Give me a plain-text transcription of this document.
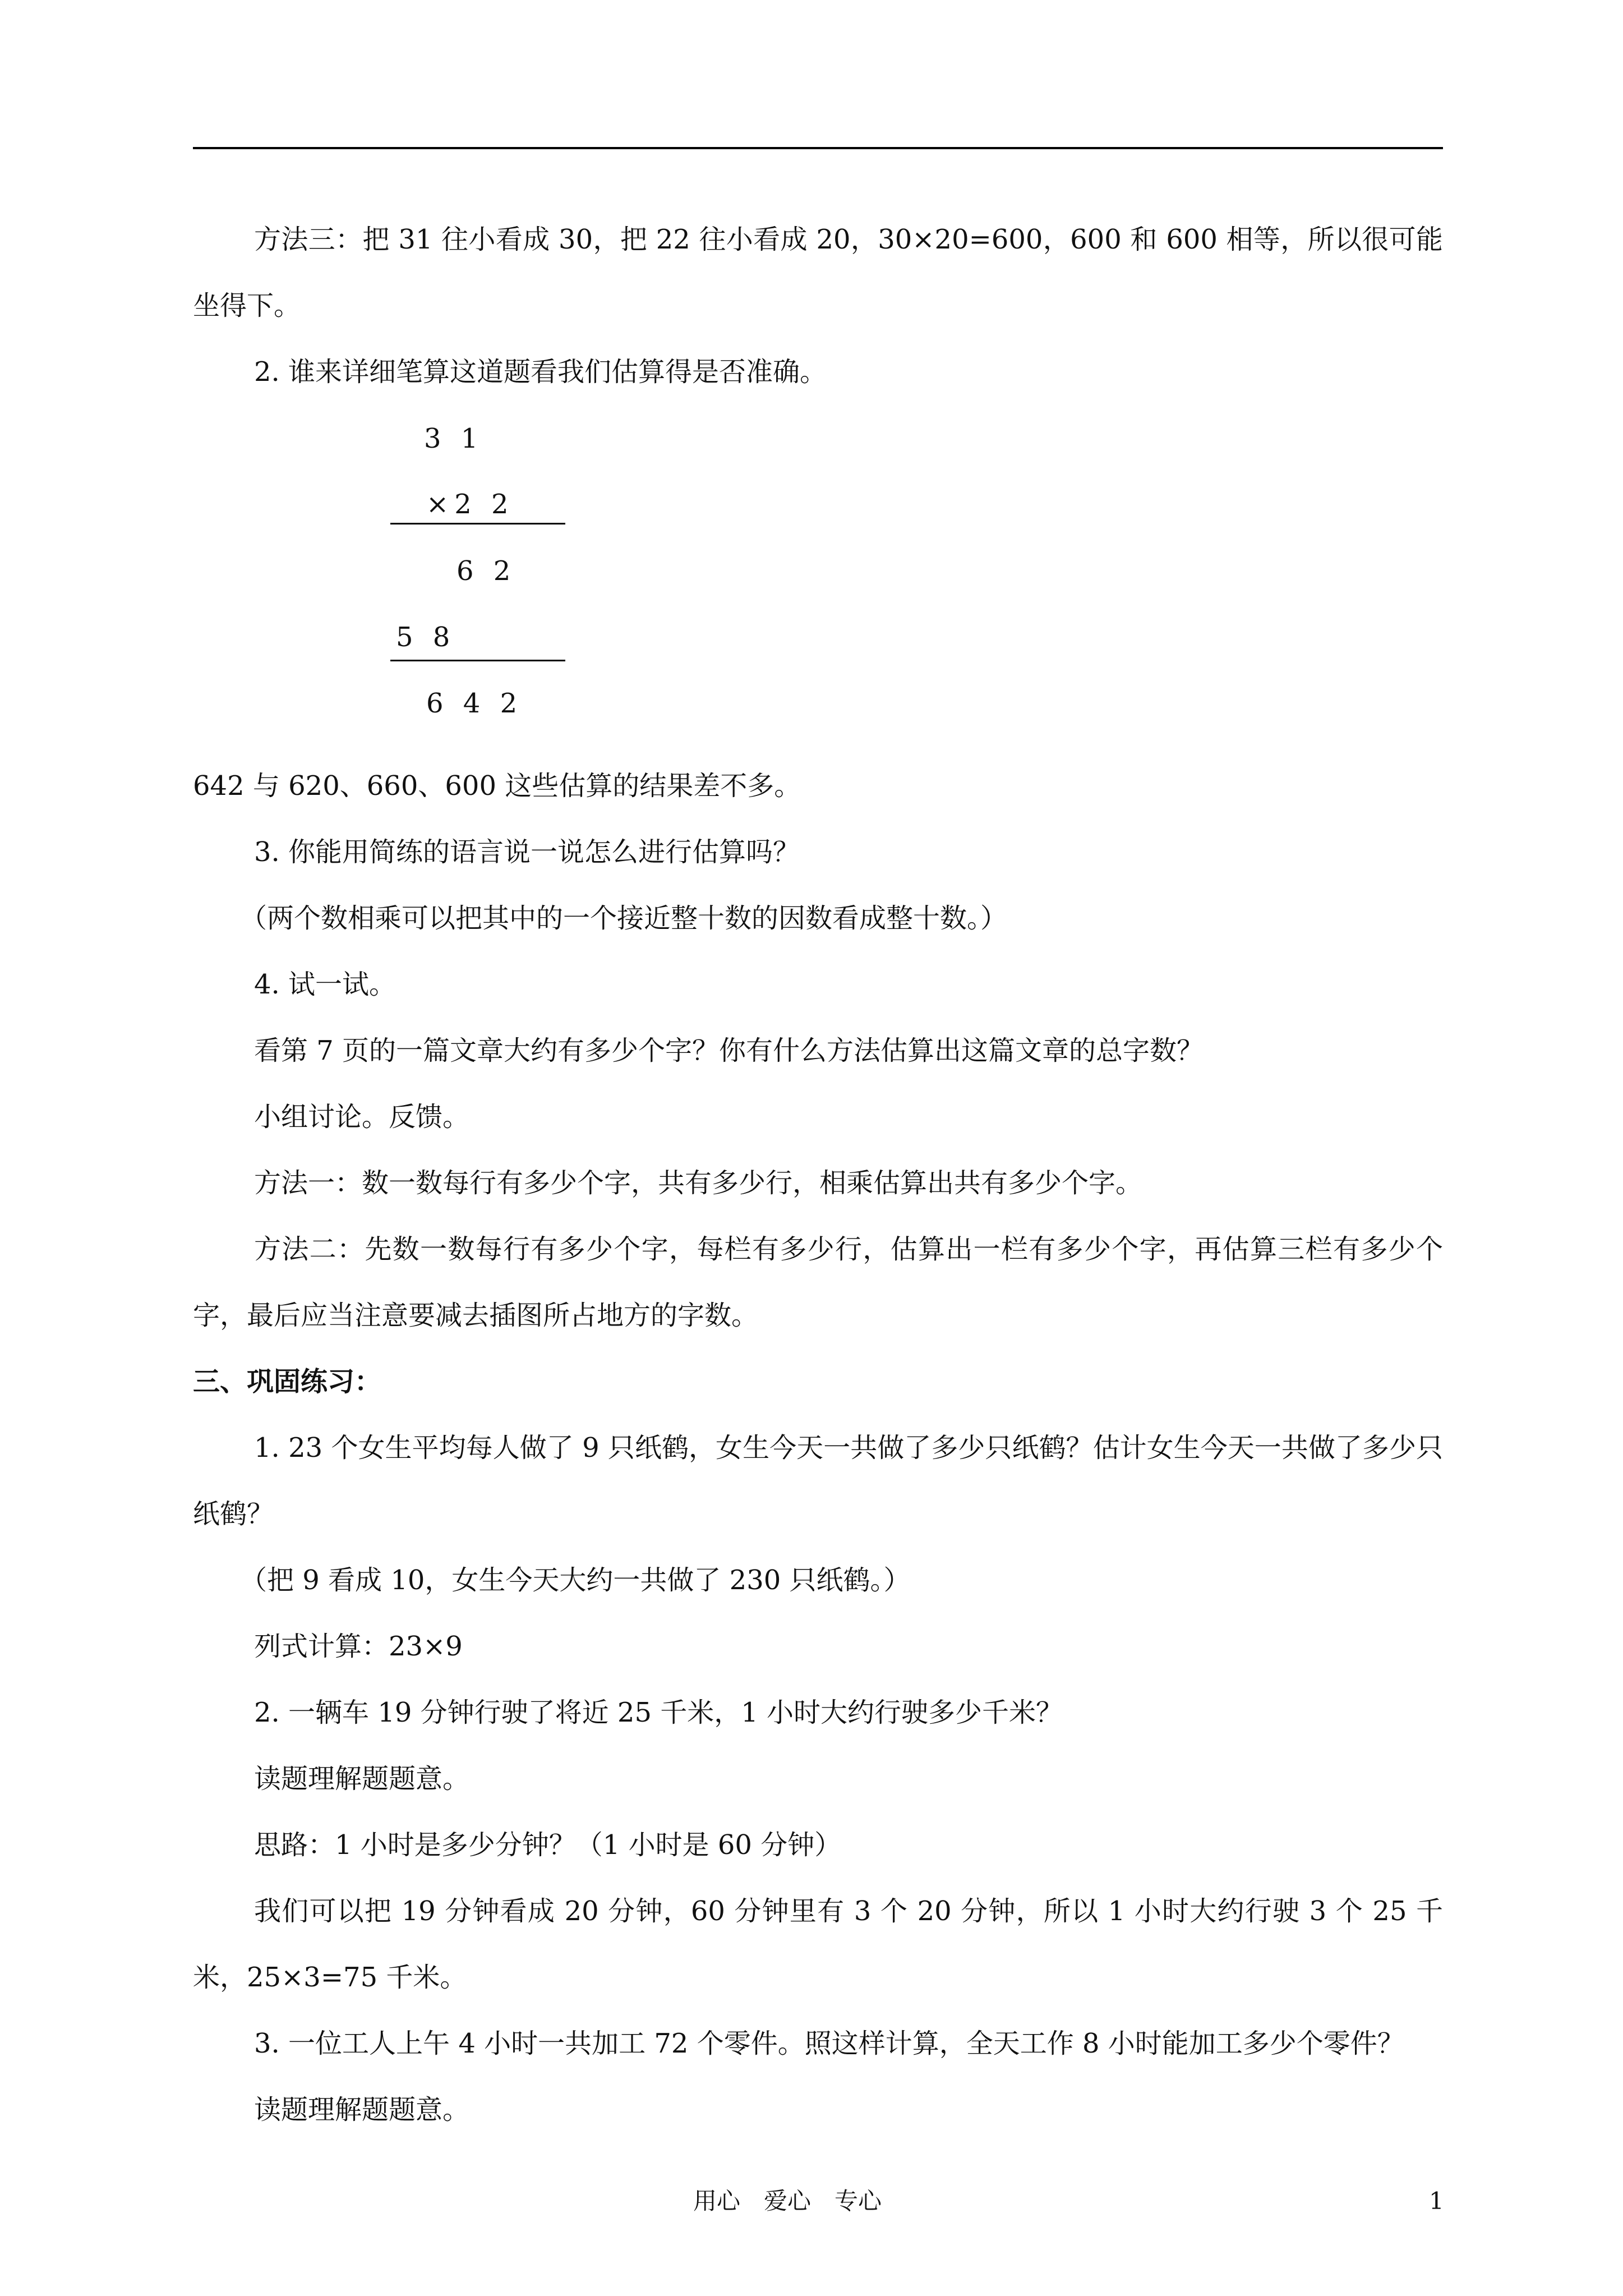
方法三：把 31 往小看成 30，把 22 往小看成 20，30×20=600，600 和 600 相等，所以很可能坐得下。
2. 谁来详细笔算这道题看我们估算得是否准确。
3 1
×2 2
6 2
5 8
6 4 2
642 与 620、660、600 这些估算的结果差不多。
3. 你能用简练的语言说一说怎么进行估算吗？
（两个数相乘可以把其中的一个接近整十数的因数看成整十数。）
4. 试一试。
看第 7 页的一篇文章大约有多少个字？你有什么方法估算出这篇文章的总字数？
小组讨论。反馈。
方法一：数一数每行有多少个字，共有多少行，相乘估算出共有多少个字。
方法二：先数一数每行有多少个字，每栏有多少行，估算出一栏有多少个字，再估算三栏有多少个字，最后应当注意要减去插图所占地方的字数。
三、巩固练习：
1. 23 个女生平均每人做了 9 只纸鹤，女生今天一共做了多少只纸鹤？估计女生今天一共做了多少只纸鹤？
（把 9 看成 10，女生今天大约一共做了 230 只纸鹤。）
列式计算：23×9
2. 一辆车 19 分钟行驶了将近 25 千米，1 小时大约行驶多少千米？
读题理解题题意。
思路：1 小时是多少分钟？（1 小时是 60 分钟）
我们可以把 19 分钟看成 20 分钟，60 分钟里有 3 个 20 分钟，所以 1 小时大约行驶 3 个 25 千米，25×3=75 千米。
3. 一位工人上午 4 小时一共加工 72 个零件。照这样计算，全天工作 8 小时能加工多少个零件？
读题理解题题意。
用心　爱心　专心	1
